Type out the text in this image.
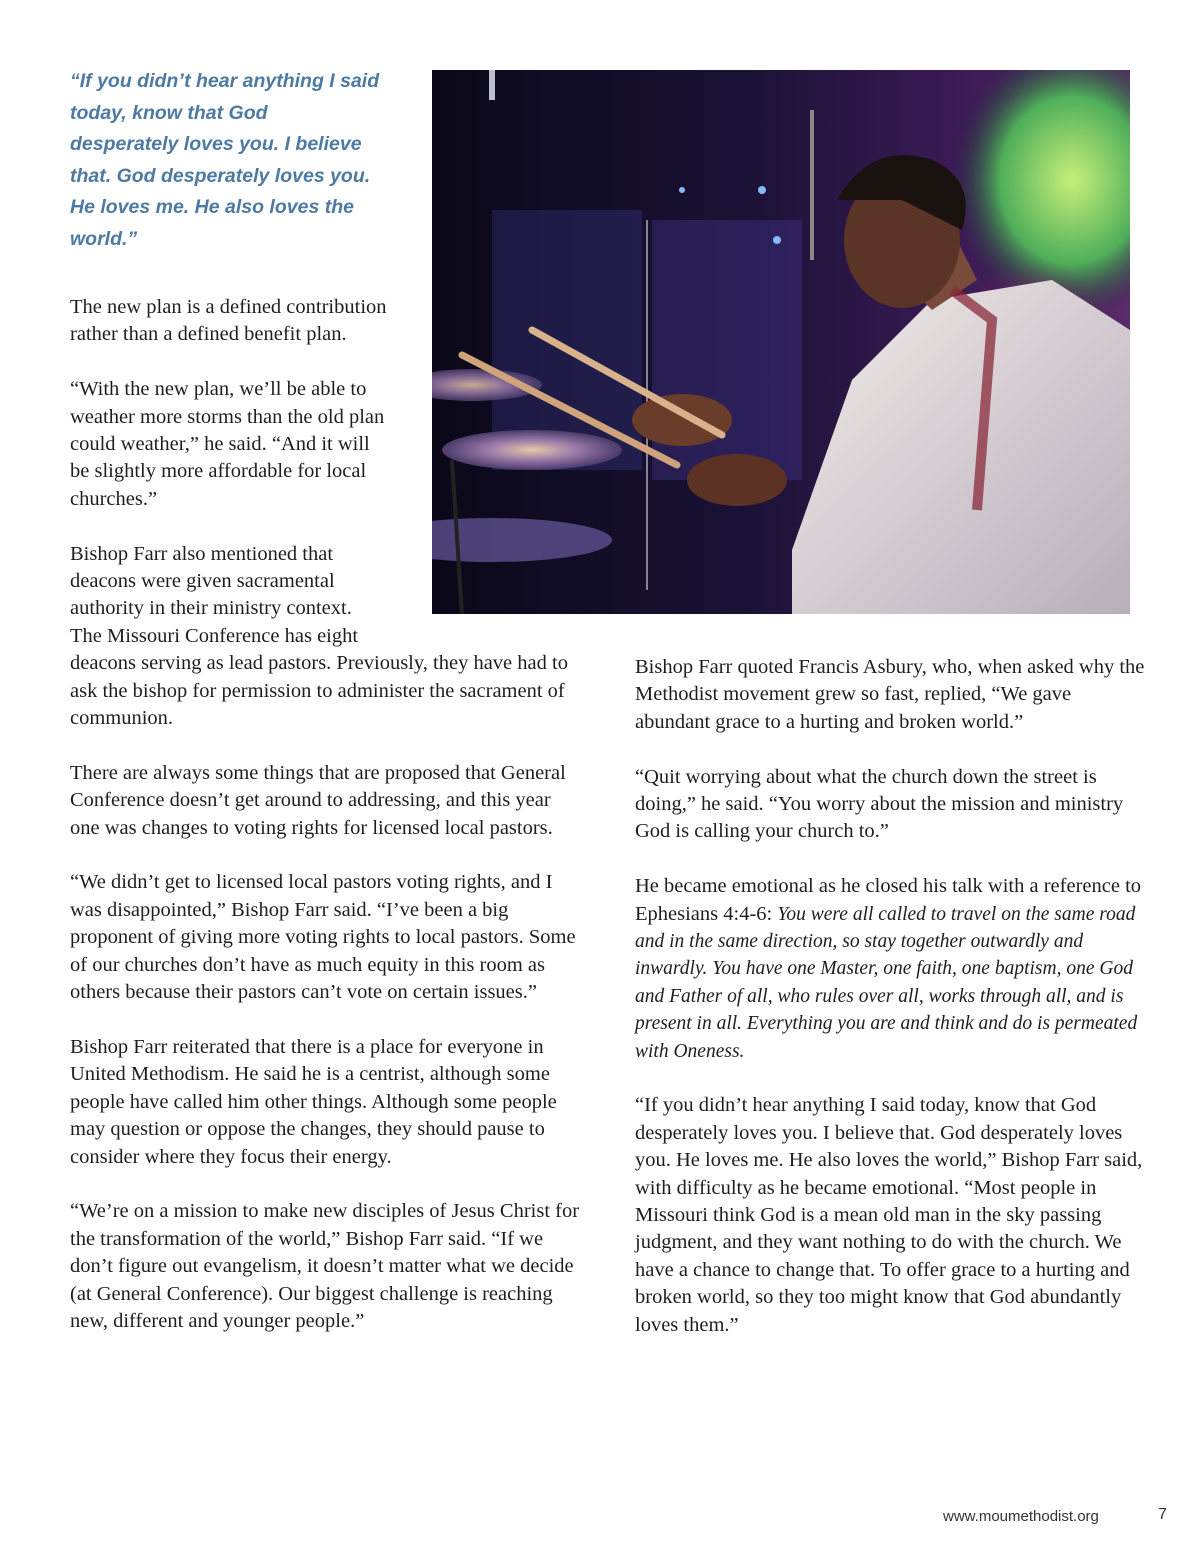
“If you didn’t hear anything I said today, know that God desperately loves you. I believe that. God desperately loves you. He loves me. He also loves the world.”

The new plan is a defined contribution rather than a defined benefit plan.

“With the new plan, we’ll be able to weather more storms than the old plan could weather,” he said. “And it will be slightly more affordable for local churches.”

Bishop Farr also mentioned that deacons were given sacramental authority in their ministry context. The Missouri Conference has eight
deacons serving as lead pastors. Previously, they have had to ask the bishop for permission to administer the sacrament of communion.

There are always some things that are proposed that General Conference doesn’t get around to addressing, and this year one was changes to voting rights for licensed local pastors.

“We didn’t get to licensed local pastors voting rights, and I was disappointed,” Bishop Farr said. “I’ve been a big proponent of giving more voting rights to local pastors. Some of our churches don’t have as much equity in this room as others because their pastors can’t vote on certain issues.”

Bishop Farr reiterated that there is a place for everyone in United Methodism. He said he is a centrist, although some people have called him other things. Although some people may question or oppose the changes, they should pause to consider where they focus their energy.

“We’re on a mission to make new disciples of Jesus Christ for the transformation of the world,” Bishop Farr said. “If we don’t figure out evangelism, it doesn’t matter what we decide (at General Conference). Our biggest challenge is reaching new, different and younger people.”

Bishop Farr quoted Francis Asbury, who, when asked why the Methodist movement grew so fast, replied, “We gave abundant grace to a hurting and broken world.”

“Quit worrying about what the church down the street is doing,” he said. “You worry about the mission and ministry God is calling your church to.”

He became emotional as he closed his talk with a reference to Ephesians 4:4-6: You were all called to travel on the same road and in the same direction, so stay together outwardly and inwardly. You have one Master, one faith, one baptism, one God and Father of all, who rules over all, works through all, and is present in all. Everything you are and think and do is permeated with Oneness.

“If you didn’t hear anything I said today, know that God desperately loves you. I believe that. God desperately loves you. He loves me. He also loves the world,” Bishop Farr said, with difficulty as he became emotional. “Most people in Missouri think God is a mean old man in the sky passing judgment, and they want nothing to do with the church. We have a chance to change that. To offer grace to a hurting and broken world, so they too might know that God abundantly loves them.”

www.moumethodist.org	7
